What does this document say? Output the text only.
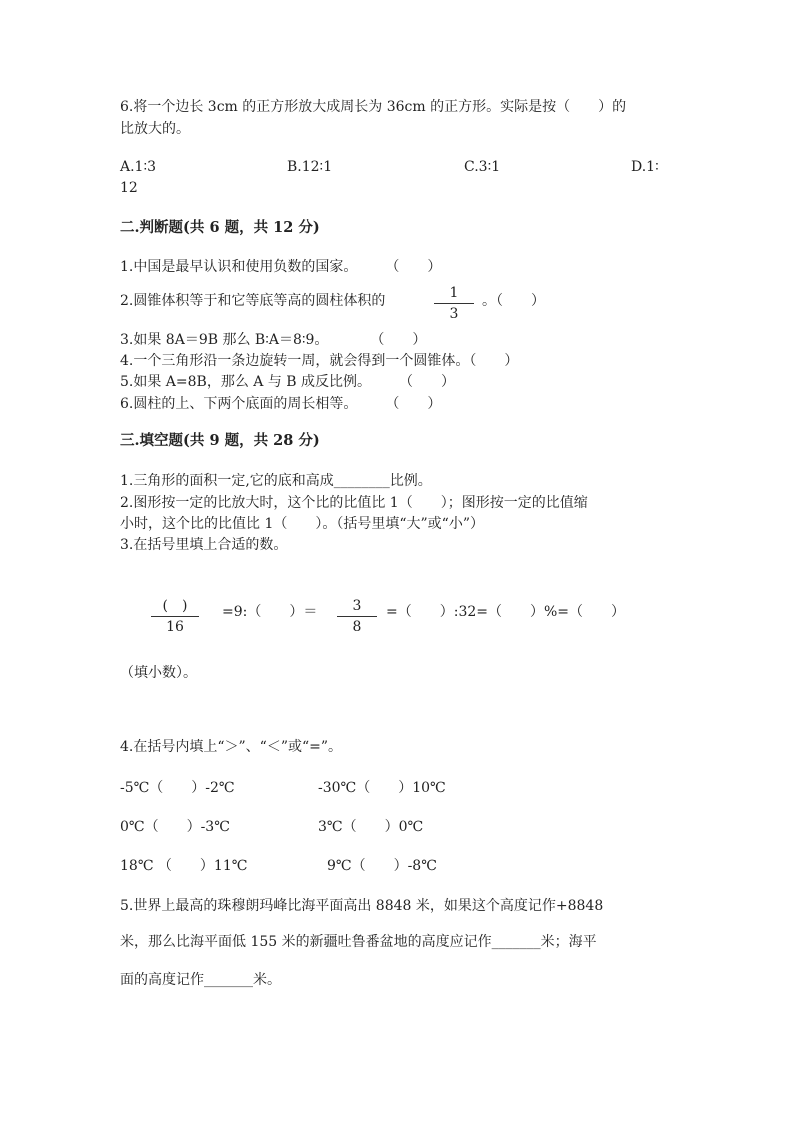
6.将一个边长 3cm 的正方形放大成周长为 36cm 的正方形。实际是按（　　）的
比放大的。
A.1∶3	B.12∶1	C.3∶1	D.1∶
12
二.判断题(共 6 题，共 12 分)
1.中国是最早认识和使用负数的国家。　　　（　　）
2.圆锥体积等于和它等底等高的圆柱体积的	1
3
。（　　）
3.如果 8A＝9B 那么 B∶A＝8∶9。　　　　（　　）
4.一个三角形沿一条边旋转一周，就会得到一个圆锥体。（　　）
5.如果 A=8B，那么 A 与 B 成反比例。　　　（　　）
6.圆柱的上、下两个底面的周长相等。　　　（　　）
三.填空题(共 9 题，共 28 分)
1.三角形的面积一定,它的底和高成________比例。
2.图形按一定的比放大时，这个比的比值比 1（　　）；图形按一定的比值缩
小时，这个比的比值比 1（　　）。（括号里填“大”或“小”）
3.在括号里填上合适的数。
(　)
16
=9:（　　）＝	3
8
=（　　）:32=（　　）%=（　　）
（填小数）。
4.在括号内填上“＞”、“＜”或“=”。
-5℃（　　）-2℃	-30℃（　　）10℃
0℃（　　）-3℃	3℃（　　）0℃
18℃ （　　）11℃	9℃（　　）-8℃
5.世界上最高的珠穆朗玛峰比海平面高出 8848 米，如果这个高度记作+8848
米，那么比海平面低 155 米的新疆吐鲁番盆地的高度应记作_______米；海平
面的高度记作_______米。
